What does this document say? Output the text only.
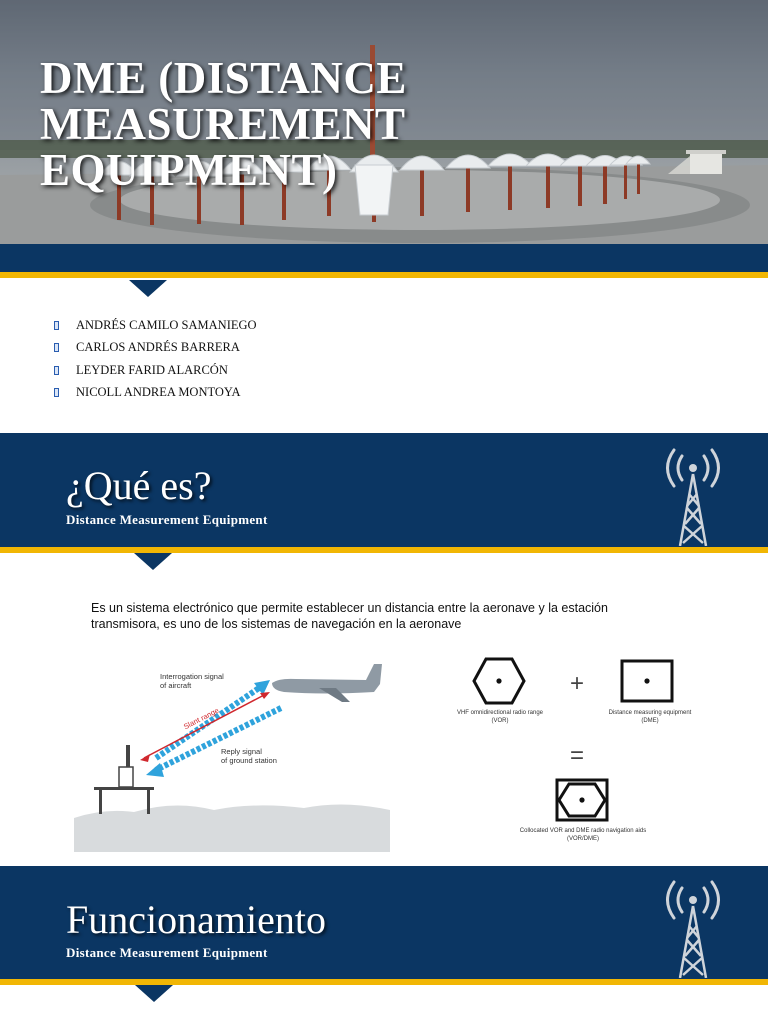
DME (DISTANCE MEASUREMENT EQUIPMENT)
ANDRÉS CAMILO SAMANIEGO
CARLOS ANDRÉS BARRERA
LEYDER FARID ALARCÓN
NICOLL ANDREA MONTOYA
¿Qué es?
Distance Measurement Equipment
Es un sistema electrónico que permite establecer un distancia entre la aeronave y la estación transmisora, es uno de los sistemas de navegación en la aeronave
Interrogation signal
of aircraft
Slant range
Reply signal
of ground station
+
VHF omnidirectional radio range
(VOR)
Distance measuring equipment
(DME)
=
Collocated VOR and DME radio navigation aids
(VOR/DME)
Funcionamiento
Distance Measurement Equipment
